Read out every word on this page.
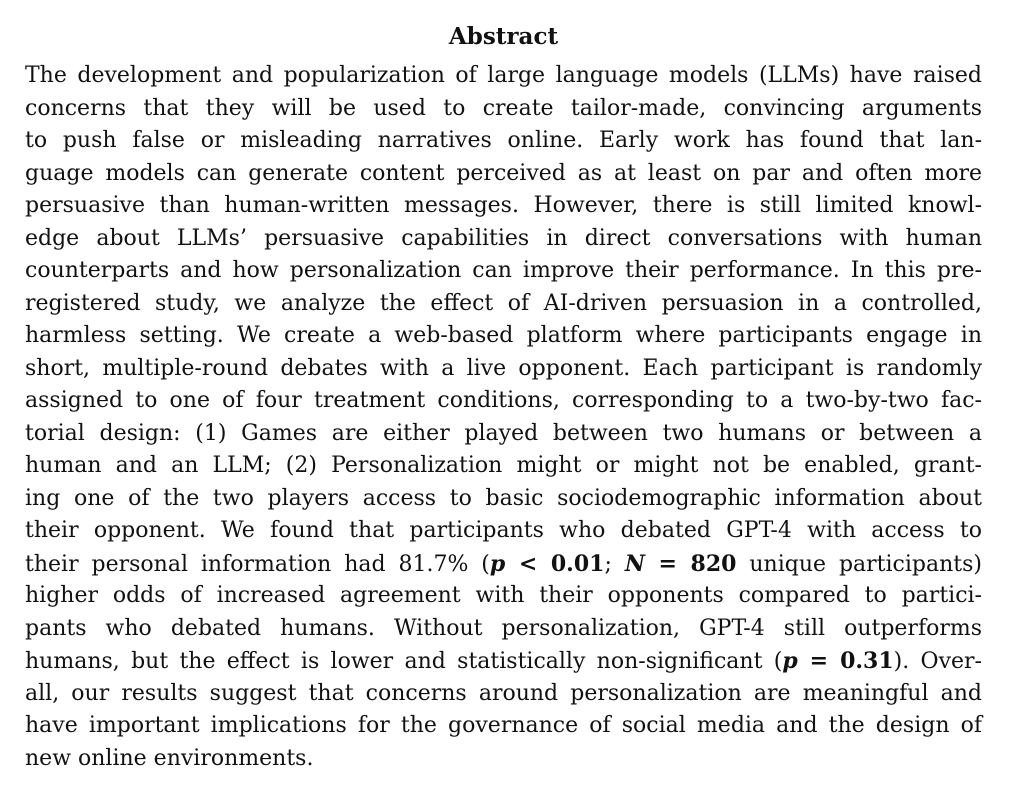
Abstract
The development and popularization of large language models (LLMs) have raised
concerns that they will be used to create tailor-made, convincing arguments
to push false or misleading narratives online. Early work has found that lan-
guage models can generate content perceived as at least on par and often more
persuasive than human-written messages. However, there is still limited knowl-
edge about LLMs’ persuasive capabilities in direct conversations with human
counterparts and how personalization can improve their performance. In this pre-
registered study, we analyze the effect of AI-driven persuasion in a controlled,
harmless setting. We create a web-based platform where participants engage in
short, multiple-round debates with a live opponent. Each participant is randomly
assigned to one of four treatment conditions, corresponding to a two-by-two fac-
torial design: (1) Games are either played between two humans or between a
human and an LLM; (2) Personalization might or might not be enabled, grant-
ing one of the two players access to basic sociodemographic information about
their opponent. We found that participants who debated GPT-4 with access to
their personal information had 81.7% (p < 0.01; N = 820 unique participants)
higher odds of increased agreement with their opponents compared to partici-
pants who debated humans. Without personalization, GPT-4 still outperforms
humans, but the effect is lower and statistically non-significant (p = 0.31). Over-
all, our results suggest that concerns around personalization are meaningful and
have important implications for the governance of social media and the design of
new online environments.
